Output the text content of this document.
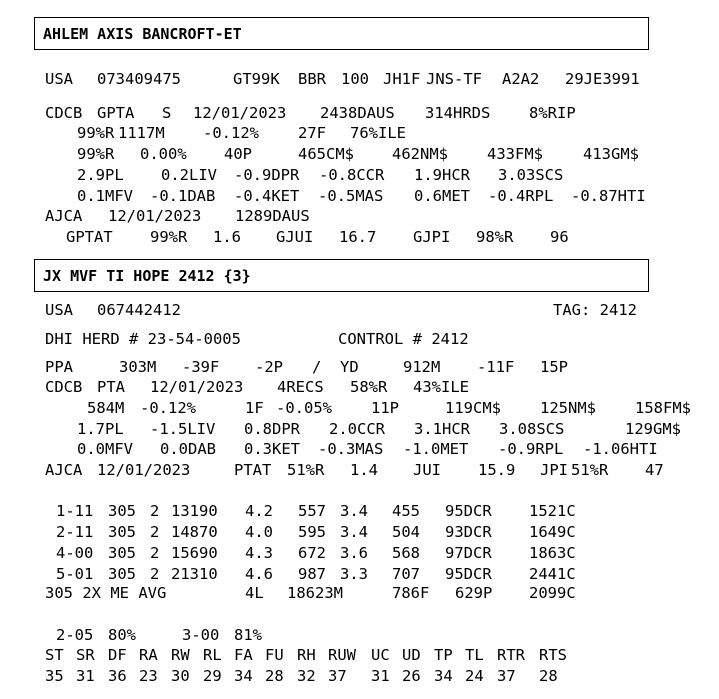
AHLEM AXIS BANCROFT-ET
USA 073409475	GT99K BBR 100 JH1F JNS-TF A2A2 29JE3991
CDCB GPTA S 12/01/2023 2438DAUS 314HRDS 8%RIP
99%R 1117M -0.12%	27F 76%ILE
99%R 0.00% 40P	465CM$ 462NM$	433FM$	413GM$
2.9PL 0.2LIV -0.9DPR -0.8CCR 1.9HCR 3.03SCS
0.1MFV -0.1DAB -0.4KET -0.5MAS 0.6MET -0.4RPL -0.87HTI
AJCA 12/01/2023 1289DAUS
GPTAT 99%R 1.6 GJUI 16.7 GJPI 98%R 96
USA 067442412	TAG: 2412
DHI HERD # 23-54-0005	CONTROL # 2412
PPA	303M -39F -2P / YD	912M -11F 15P
CDCB PTA 12/01/2023 4RECS 58%R 43%ILE
584M -0.12%	1F -0.05%	11P	119CM$	125NM$	158FM$
1.7PL -1.5LIV 0.8DPR 2.0CCR 3.1HCR 3.08SCS	129GM$
0.0MFV 0.0DAB 0.3KET -0.3MAS -1.0MET -0.9RPL -1.06HTI
AJCA 12/01/2023	PTAT 51%R 1.4 JUI 15.9 JPI 51%R 47
1-11 305 2 13190 4.2 557 3.4 455 95DCR 1521C
2-11 305 2 14870 4.0 595 3.4 504 93DCR 1649C
4-00 305 2 15690 4.3 672 3.6 568 97DCR 1863C
5-01 305 2 21310 4.6 987 3.3 707 95DCR 2441C
305 2X ME AVG	4L 18623M	786F 629P 2099C
2-05 80%	3-00 81%
ST SR DF RA RW RL FA FU RH RUW UC UD TP TL RTR RTS
35 31 36 23 30 29 34 28 32 37 31 26 34 24 37 28
JX MVF TI HOPE 2412 {3}
